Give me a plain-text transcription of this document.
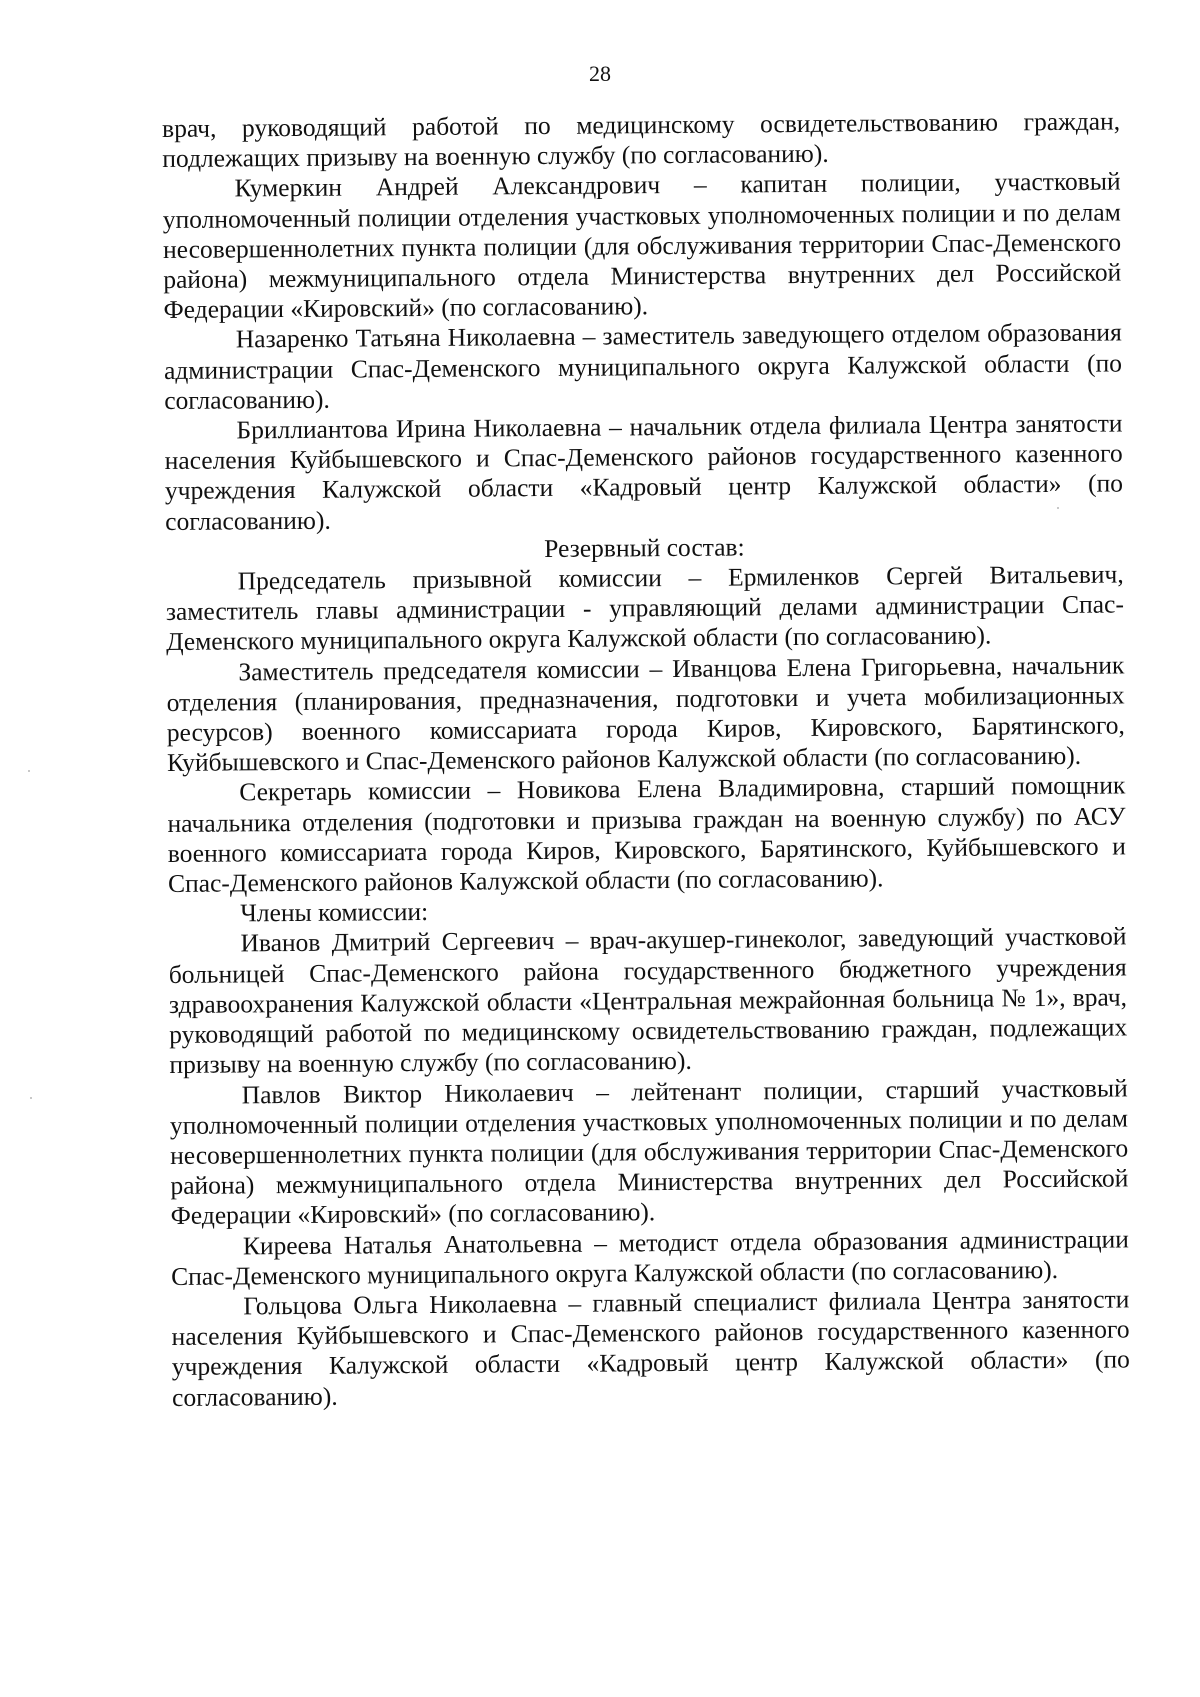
28

врач, руководящий работой по медицинскому освидетельствованию граждан, подлежащих призыву на военную службу (по согласованию).

Кумеркин Андрей Александрович – капитан полиции, участковый уполномоченный полиции отделения участковых уполномоченных полиции и по делам несовершеннолетних пункта полиции (для обслуживания территории Спас-Деменского района) межмуниципального отдела Министерства внутренних дел Российской Федерации «Кировский» (по согласованию).

Назаренко Татьяна Николаевна – заместитель заведующего отделом образования администрации Спас-Деменского муниципального округа Калужской области (по согласованию).

Бриллиантова Ирина Николаевна – начальник отдела филиала Центра занятости населения Куйбышевского и Спас-Деменского районов государственного казенного учреждения Калужской области «Кадровый центр Калужской области» (по согласованию).

Резервный состав:

Председатель призывной комиссии – Ермиленков Сергей Витальевич, заместитель главы администрации - управляющий делами администрации Спас-Деменского муниципального округа Калужской области (по согласованию).

Заместитель председателя комиссии – Иванцова Елена Григорьевна, начальник отделения (планирования, предназначения, подготовки и учета мобилизационных ресурсов) военного комиссариата города Киров, Кировского, Барятинского, Куйбышевского и Спас-Деменского районов Калужской области (по согласованию).

Секретарь комиссии – Новикова Елена Владимировна, старший помощник начальника отделения (подготовки и призыва граждан на военную службу) по АСУ военного комиссариата города Киров, Кировского, Барятинского, Куйбышевского и Спас-Деменского районов Калужской области (по согласованию).

Члены комиссии:

Иванов Дмитрий Сергеевич – врач-акушер-гинеколог, заведующий участковой больницей Спас-Деменского района государственного бюджетного учреждения здравоохранения Калужской области «Центральная межрайонная больница № 1», врач, руководящий работой по медицинскому освидетельствованию граждан, подлежащих призыву на военную службу (по согласованию).

Павлов Виктор Николаевич – лейтенант полиции, старший участковый уполномоченный полиции отделения участковых уполномоченных полиции и по делам несовершеннолетних пункта полиции (для обслуживания территории Спас-Деменского района) межмуниципального отдела Министерства внутренних дел Российской Федерации «Кировский» (по согласованию).

Киреева Наталья Анатольевна – методист отдела образования администрации Спас-Деменского муниципального округа Калужской области (по согласованию).

Гольцова Ольга Николаевна – главный специалист филиала Центра занятости населения Куйбышевского и Спас-Деменского районов государственного казенного учреждения Калужской области «Кадровый центр Калужской области» (по согласованию).
